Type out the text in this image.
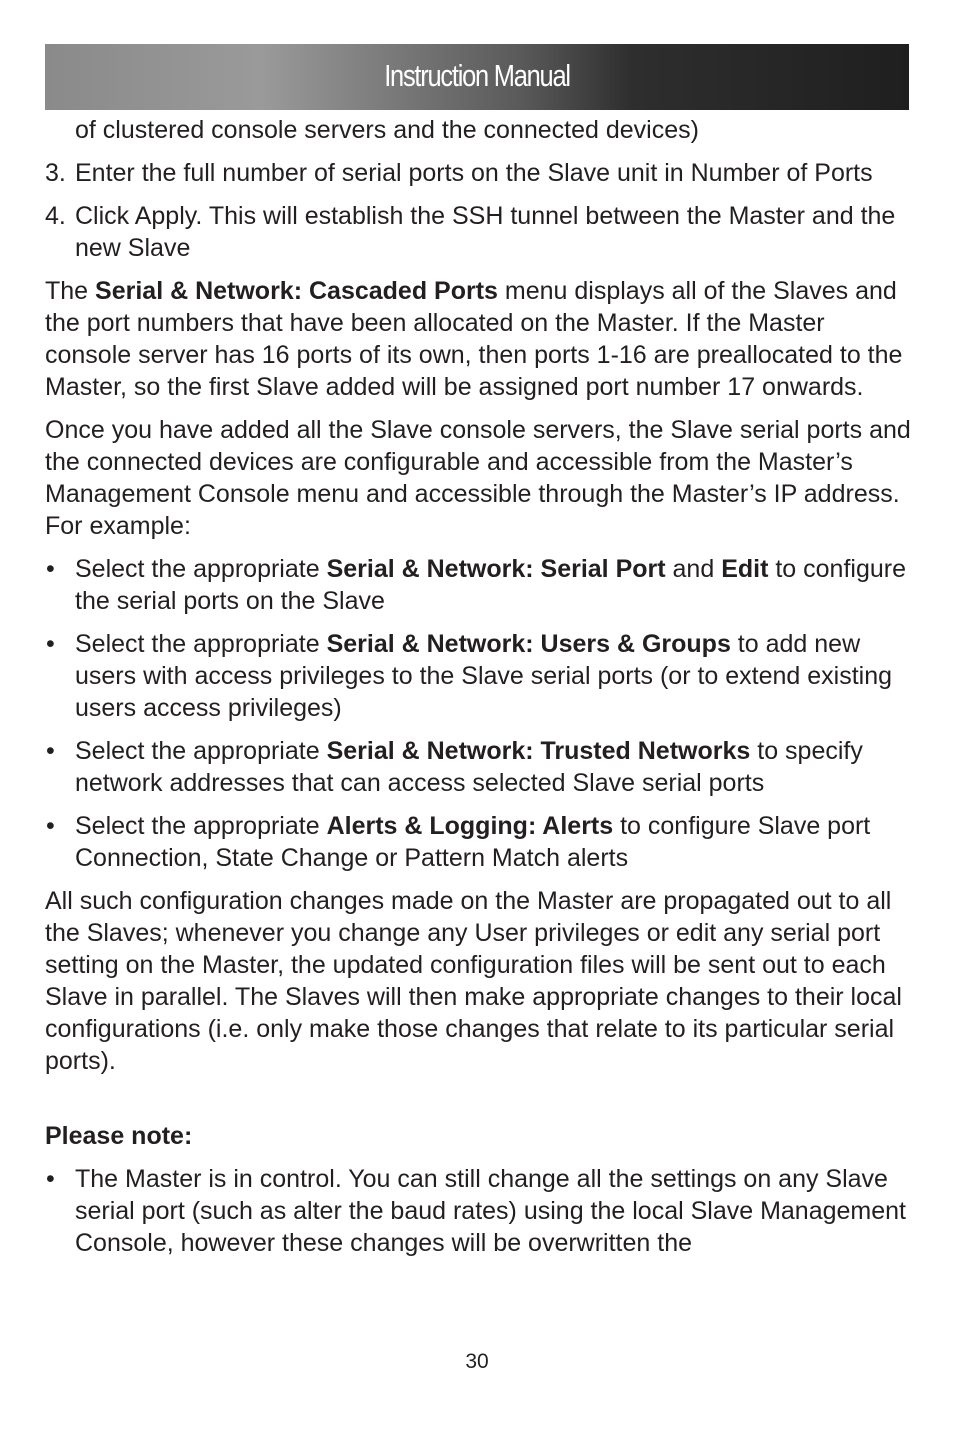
Instruction Manual
of clustered console servers and the connected devices)
3. Enter the full number of serial ports on the Slave unit in Number of Ports
4. Click Apply. This will establish the SSH tunnel between the Master and the new Slave

The Serial & Network: Cascaded Ports menu displays all of the Slaves and the port numbers that have been allocated on the Master. If the Master console server has 16 ports of its own, then ports 1-16 are preallocated to the Master, so the first Slave added will be assigned port number 17 onwards.

Once you have added all the Slave console servers, the Slave serial ports and the connected devices are configurable and accessible from the Master’s Management Console menu and accessible through the Master’s IP address. For example:

• Select the appropriate Serial & Network: Serial Port and Edit to configure the serial ports on the Slave
• Select the appropriate Serial & Network: Users & Groups to add new users with access privileges to the Slave serial ports (or to extend existing users access privileges)
• Select the appropriate Serial & Network: Trusted Networks to specify network addresses that can access selected Slave serial ports
• Select the appropriate Alerts & Logging: Alerts to configure Slave port Connection, State Change or Pattern Match alerts

All such configuration changes made on the Master are propagated out to all the Slaves; whenever you change any User privileges or edit any serial port setting on the Master, the updated configuration files will be sent out to each Slave in parallel. The Slaves will then make appropriate changes to their local configurations (i.e. only make those changes that relate to its particular serial ports).

Please note:

• The Master is in control. You can still change all the settings on any Slave serial port (such as alter the baud rates) using the local Slave Management Console, however these changes will be overwritten the
30
